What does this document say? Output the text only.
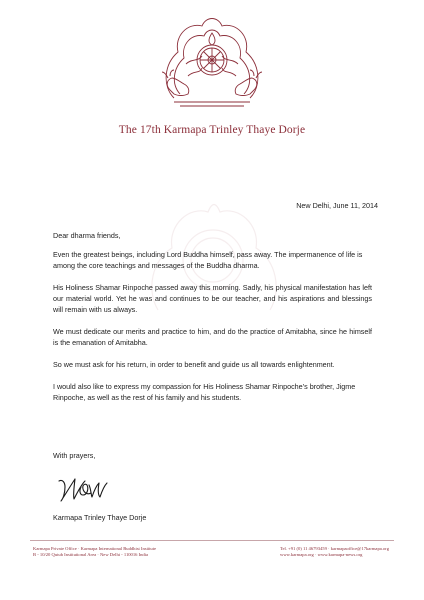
The 17th Karmapa Trinley Thaye Dorje
New Delhi, June 11, 2014
Dear dharma friends,
Even the greatest beings, including Lord Buddha himself, pass away. The impermanence of life is among the core teachings and messages of the Buddha dharma.
His Holiness Shamar Rinpoche passed away this morning. Sadly, his physical manifestation has left our material world. Yet he was and continues to be our teacher, and his aspirations and blessings will remain with us always.
We must dedicate our merits and practice to him, and do the practice of Amitabha, since he himself is the emanation of Amitabha.
So we must ask for his return, in order to benefit and guide us all towards enlightenment.
I would also like to express my compassion for His Holiness Shamar Rinpoche’s brother, Jigme Rinpoche, as well as the rest of his family and his students.
With prayers,
Karmapa Trinley Thaye Dorje
Karmapa Private Office · Karmapa International Buddhist Institute
B - 10/20 Qutub Institutional Area · New Delhi - 110016 India
Tel. +91 (0) 11 46793459 · karmapaoffice@17karmapa.org
www.karmapa.org · www.karmapa-news.org
